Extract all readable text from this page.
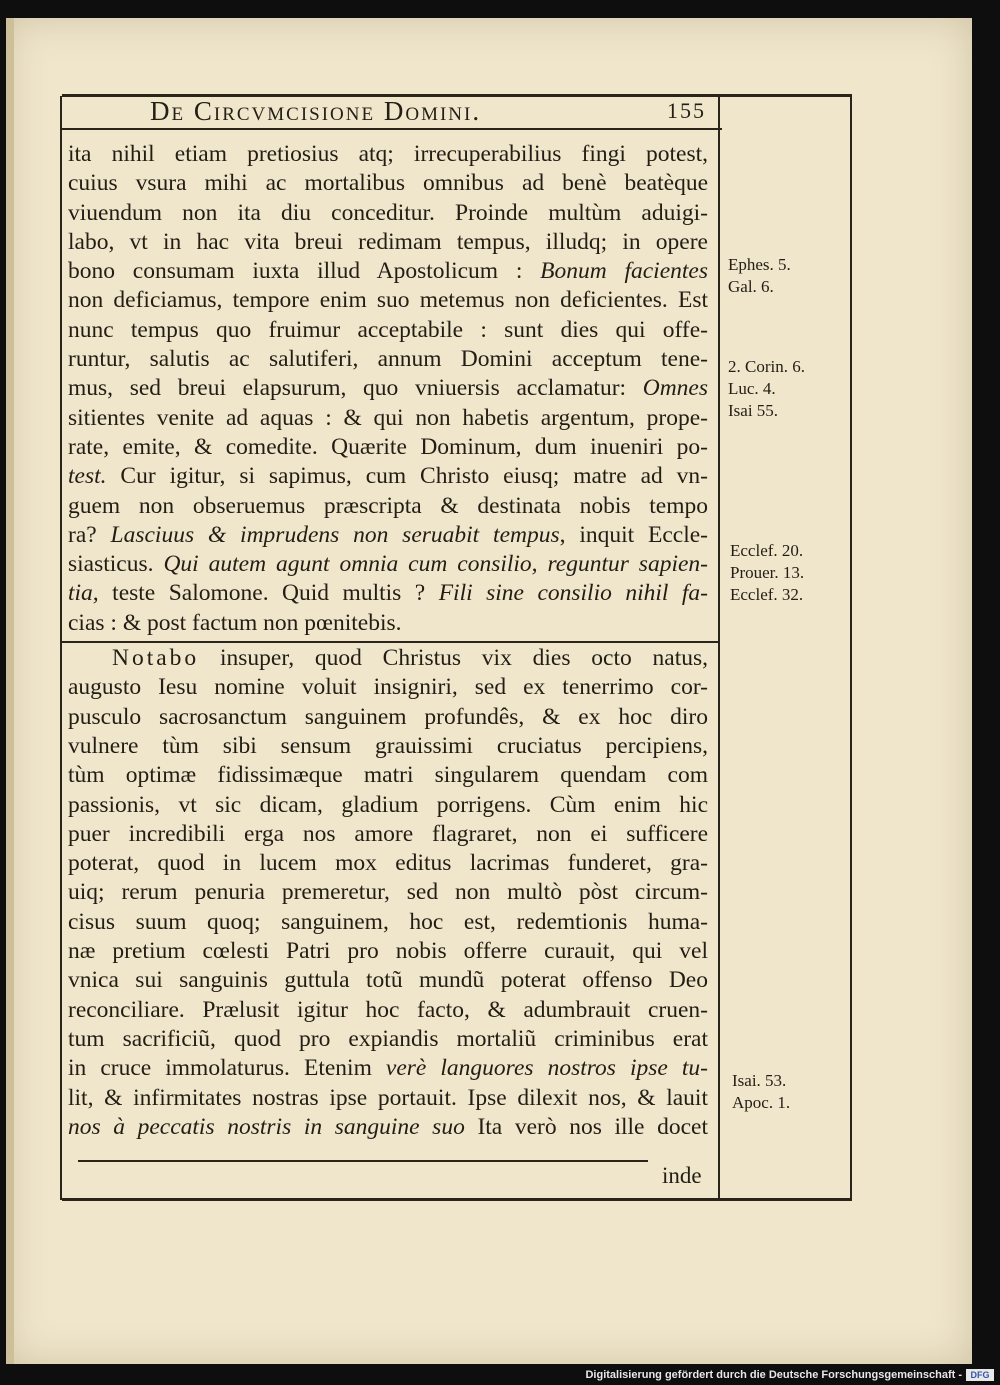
De Circvmcisione Domini.	155
ita nihil etiam pretiosius atq; irrecuperabilius fingi potest,
cuius vsura mihi ac mortalibus omnibus ad benè beatèque
viuendum non ita diu conceditur. Proinde multùm aduigi-
labo, vt in hac vita breui redimam tempus, illudq; in opere
bono consumam iuxta illud Apostolicum : Bonum facientes
non deficiamus, tempore enim suo metemus non deficientes. Est
nunc tempus quo fruimur acceptabile : sunt dies qui offe-
runtur, salutis ac salutiferi, annum Domini acceptum tene-
mus, sed breui elapsurum, quo vniuersis acclamatur: Omnes
sitientes venite ad aquas : & qui non habetis argentum, prope-
rate, emite, & comedite. Quærite Dominum, dum inueniri po-
test. Cur igitur, si sapimus, cum Christo eiusq; matre ad vn-
guem non obseruemus præscripta & destinata nobis tempo
ra? Lasciuus & imprudens non seruabit tempus, inquit Eccle-
siasticus. Qui autem agunt omnia cum consilio, reguntur sapien-
tia, teste Salomone. Quid multis ? Fili sine consilio nihil fa-
cias : & post factum non pœnitebis.
Notabo insuper, quod Christus vix dies octo natus,
augusto Iesu nomine voluit insigniri, sed ex tenerrimo cor-
pusculo sacrosanctum sanguinem profundês, & ex hoc diro
vulnere tùm sibi sensum grauissimi cruciatus percipiens,
tùm optimæ fidissimæque matri singularem quendam com
passionis, vt sic dicam, gladium porrigens. Cùm enim hic
puer incredibili erga nos amore flagraret, non ei sufficere
poterat, quod in lucem mox editus lacrimas funderet, gra-
uiq; rerum penuria premeretur, sed non multò pòst circum-
cisus suum quoq; sanguinem, hoc est, redemtionis huma-
næ pretium cœlesti Patri pro nobis offerre curauit, qui vel
vnica sui sanguinis guttula totũ mundũ poterat offenso Deo
reconciliare. Prælusit igitur hoc facto, & adumbrauit cruen-
tum sacrificiũ, quod pro expiandis mortaliũ criminibus erat
in cruce immolaturus. Etenim verè languores nostros ipse tu-
lit, & infirmitates nostras ipse portauit. Ipse dilexit nos, & lauit
nos à peccatis nostris in sanguine suo Ita verò nos ille docet
inde
Ephes. 5.
Gal. 6.
2. Corin. 6.
Luc. 4.
Isai 55.
Ecclef. 20.
Prouer. 13.
Ecclef. 32.
Isai. 53.
Apoc. 1.
Digitalisierung gefördert durch die Deutsche Forschungsgemeinschaft - DFG
